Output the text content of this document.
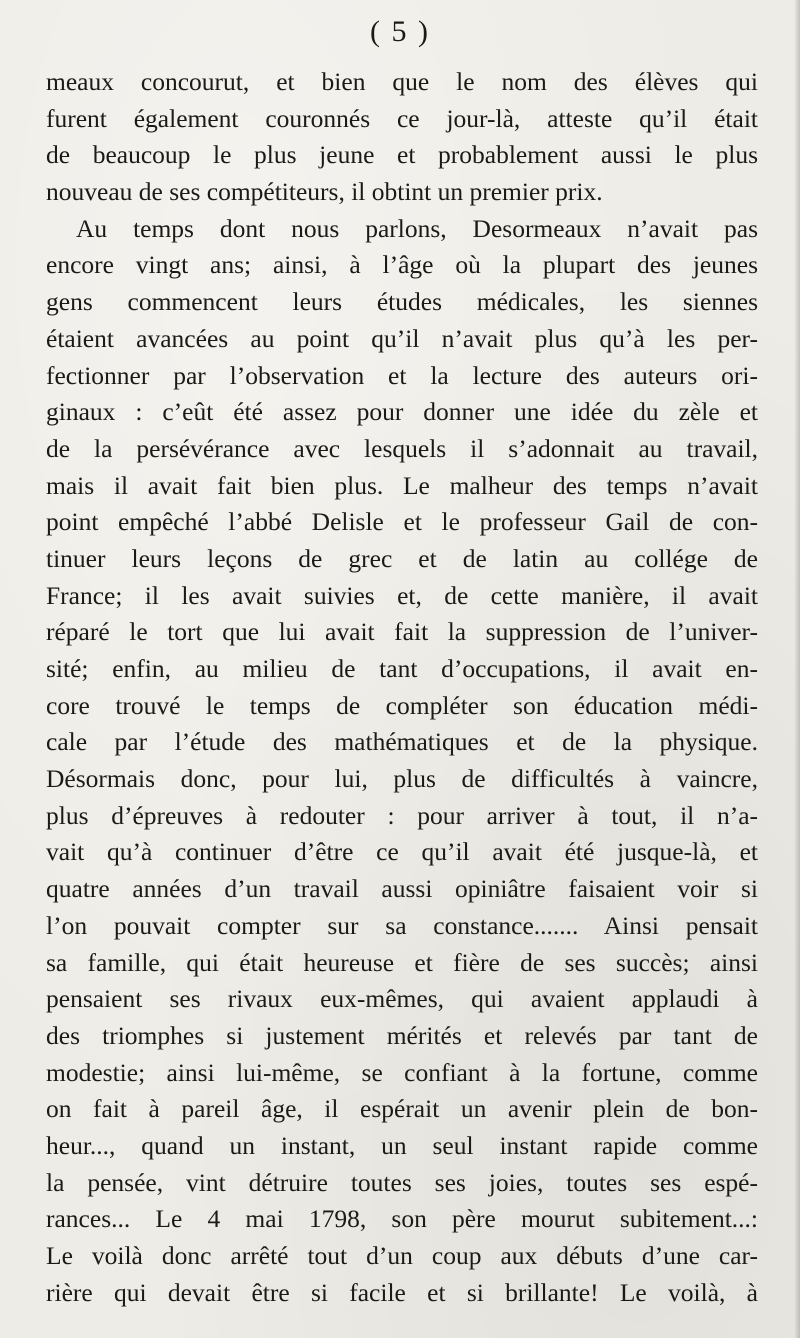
( 5 )
meaux concourut, et bien que le nom des élèves qui
furent également couronnés ce jour-là, atteste qu’il était
de beaucoup le plus jeune et probablement aussi le plus
nouveau de ses compétiteurs, il obtint un premier prix.
Au temps dont nous parlons, Desormeaux n’avait pas
encore vingt ans; ainsi, à l’âge où la plupart des jeunes
gens commencent leurs études médicales, les siennes
étaient avancées au point qu’il n’avait plus qu’à les per-
fectionner par l’observation et la lecture des auteurs ori-
ginaux : c’eût été assez pour donner une idée du zèle et
de la persévérance avec lesquels il s’adonnait au travail,
mais il avait fait bien plus. Le malheur des temps n’avait
point empêché l’abbé Delisle et le professeur Gail de con-
tinuer leurs leçons de grec et de latin au collége de
France; il les avait suivies et, de cette manière, il avait
réparé le tort que lui avait fait la suppression de l’univer-
sité; enfin, au milieu de tant d’occupations, il avait en-
core trouvé le temps de compléter son éducation médi-
cale par l’étude des mathématiques et de la physique.
Désormais donc, pour lui, plus de difficultés à vaincre,
plus d’épreuves à redouter : pour arriver à tout, il n’a-
vait qu’à continuer d’être ce qu’il avait été jusque-là, et
quatre années d’un travail aussi opiniâtre faisaient voir si
l’on pouvait compter sur sa constance....... Ainsi pensait
sa famille, qui était heureuse et fière de ses succès; ainsi
pensaient ses rivaux eux-mêmes, qui avaient applaudi à
des triomphes si justement mérités et relevés par tant de
modestie; ainsi lui-même, se confiant à la fortune, comme
on fait à pareil âge, il espérait un avenir plein de bon-
heur..., quand un instant, un seul instant rapide comme
la pensée, vint détruire toutes ses joies, toutes ses espé-
rances... Le 4 mai 1798, son père mourut subitement...:
Le voilà donc arrêté tout d’un coup aux débuts d’une car-
rière qui devait être si facile et si brillante! Le voilà, à
